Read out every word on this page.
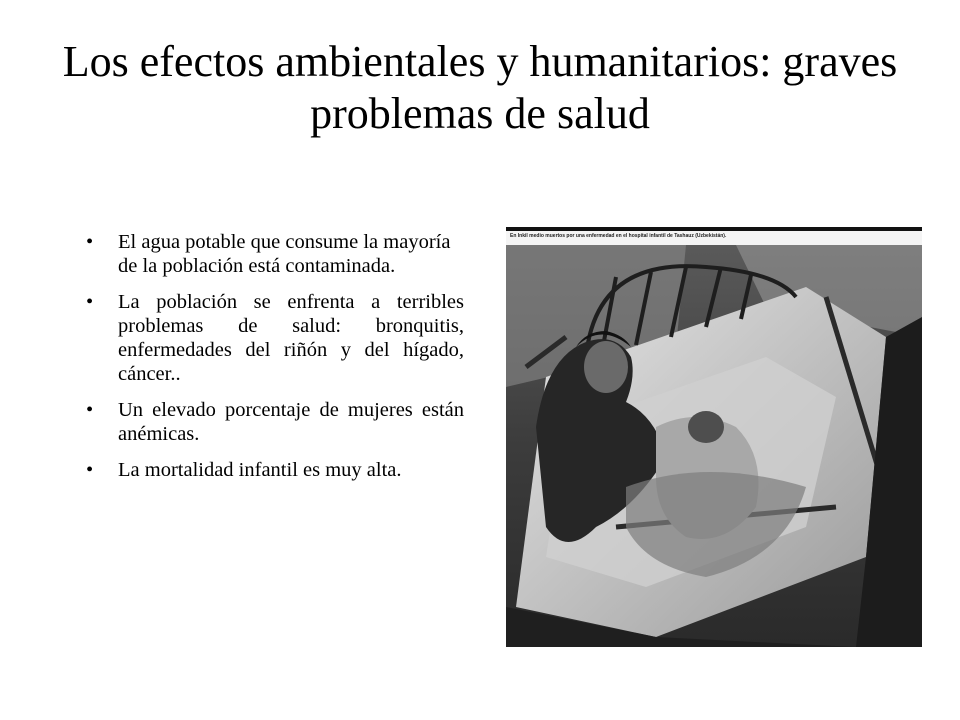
Los efectos ambientales y humanitarios: graves problemas de salud
• El agua potable que consume la mayoría de la población está contaminada.
• La población se enfrenta a terribles problemas de salud: bronquitis, enfermedades del riñón y del hígado, cáncer..
• Un elevado porcentaje de mujeres están anémicas.
• La mortalidad infantil es muy alta.
En Inkil medio muertos por una enfermedad en el hospital infantil de Tashauz (Uzbekistán).
